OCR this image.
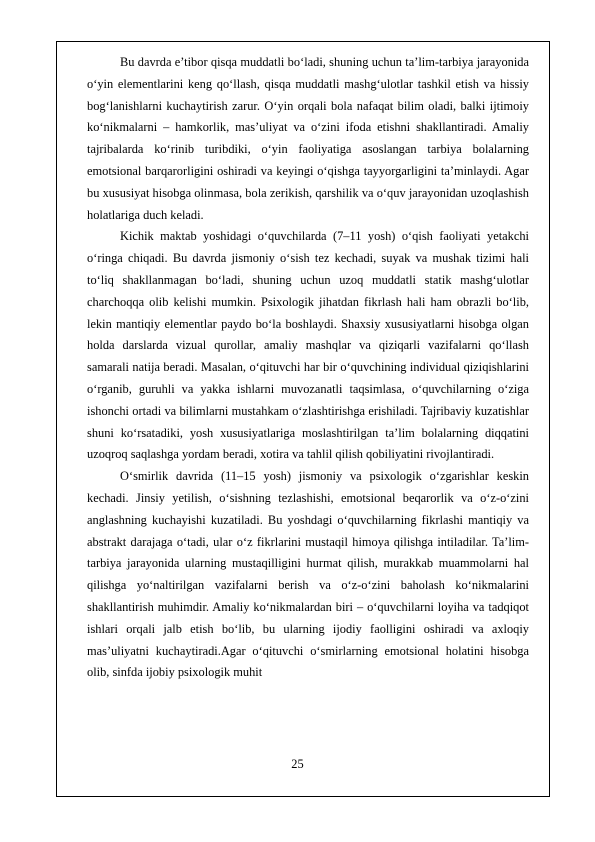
Bu davrda e’tibor qisqa muddatli bo‘ladi, shuning uchun ta’lim-tarbiya jarayonida o‘yin elementlarini keng qo‘llash, qisqa muddatli mashg‘ulotlar tashkil etish va hissiy bog‘lanishlarni kuchaytirish zarur. O‘yin orqali bola nafaqat bilim oladi, balki ijtimoiy ko‘nikmalarni – hamkorlik, mas’uliyat va o‘zini ifoda etishni shakllantiradi. Amaliy tajribalarda ko‘rinib turibdiki, o‘yin faoliyatiga asoslangan tarbiya bolalarning emotsional barqarorligini oshiradi va keyingi o‘qishga tayyorgarligini ta’minlaydi. Agar bu xususiyat hisobga olinmasa, bola zerikish, qarshilik va o‘quv jarayonidan uzoqlashish holatlariga duch keladi.

Kichik maktab yoshidagi o‘quvchilarda (7–11 yosh) o‘qish faoliyati yetakchi o‘ringa chiqadi. Bu davrda jismoniy o‘sish tez kechadi, suyak va mushak tizimi hali to‘liq shakllanmagan bo‘ladi, shuning uchun uzoq muddatli statik mashg‘ulotlar charchoqqa olib kelishi mumkin. Psixologik jihatdan fikrlash hali ham obrazli bo‘lib, lekin mantiqiy elementlar paydo bo‘la boshlaydi. Shaxsiy xususiyatlarni hisobga olgan holda darslarda vizual qurollar, amaliy mashqlar va qiziqarli vazifalarni qo‘llash samarali natija beradi. Masalan, o‘qituvchi har bir o‘quvchining individual qiziqishlarini o‘rganib, guruhli va yakka ishlarni muvozanatli taqsimlasa, o‘quvchilarning o‘ziga ishonchi ortadi va bilimlarni mustahkam o‘zlashtirishga erishiladi. Tajribaviy kuzatishlar shuni ko‘rsatadiki, yosh xususiyatlariga moslashtirilgan ta’lim bolalarning diqqatini uzoqroq saqlashga yordam beradi, xotira va tahlil qilish qobiliyatini rivojlantiradi.

O‘smirlik davrida (11–15 yosh) jismoniy va psixologik o‘zgarishlar keskin kechadi. Jinsiy yetilish, o‘sishning tezlashishi, emotsional beqarorlik va o‘z-o‘zini anglashning kuchayishi kuzatiladi. Bu yoshdagi o‘quvchilarning fikrlashi mantiqiy va abstrakt darajaga o‘tadi, ular o‘z fikrlarini mustaqil himoya qilishga intiladilar. Ta’lim-tarbiya jarayonida ularning mustaqilligini hurmat qilish, murakkab muammolarni hal qilishga yo‘naltirilgan vazifalarni berish va o‘z-o‘zini baholash ko‘nikmalarini shakllantirish muhimdir. Amaliy ko‘nikmalardan biri – o‘quvchilarni loyiha va tadqiqot ishlari orqali jalb etish bo‘lib, bu ularning ijodiy faolligini oshiradi va axloqiy mas’uliyatni kuchaytiradi.Agar o‘qituvchi o‘smirlarning emotsional holatini hisobga olib, sinfda ijobiy psixologik muhit

25
